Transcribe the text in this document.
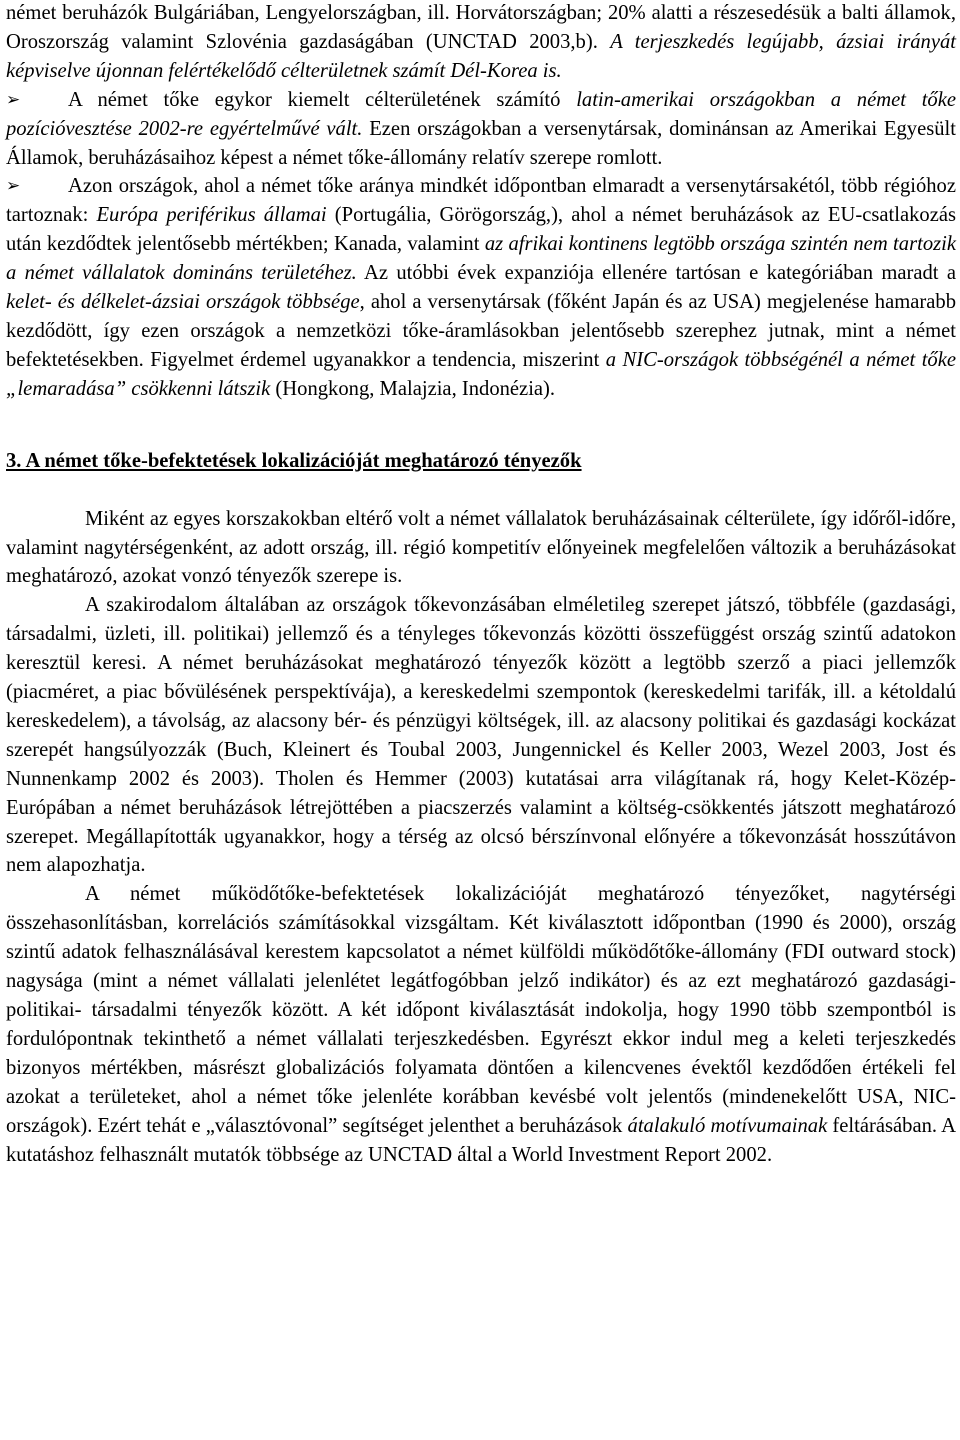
német beruházók Bulgáriában, Lengyelországban, ill. Horvátországban; 20% alatti a részesedésük a balti államok, Oroszország valamint Szlovénia gazdaságában (UNCTAD 2003,b). A terjeszkedés legújabb, ázsiai irányát képviselve újonnan felértékelődő célterületnek számít Dél-Korea is.

➢ A német tőke egykor kiemelt célterületének számító latin-amerikai országokban a német tőke pozícióvesztése 2002-re egyértelművé vált. Ezen országokban a versenytársak, dominánsan az Amerikai Egyesült Államok, beruházásaihoz képest a német tőke-állomány relatív szerepe romlott.

➢ Azon országok, ahol a német tőke aránya mindkét időpontban elmaradt a versenytársakétól, több régióhoz tartoznak: Európa periférikus államai (Portugália, Görögország,), ahol a német beruházások az EU-csatlakozás után kezdődtek jelentősebb mértékben; Kanada, valamint az afrikai kontinens legtöbb országa szintén nem tartozik a német vállalatok domináns területéhez. Az utóbbi évek expanziója ellenére tartósan e kategóriában maradt a kelet- és délkelet-ázsiai országok többsége, ahol a versenytársak (főként Japán és az USA) megjelenése hamarabb kezdődött, így ezen országok a nemzetközi tőke-áramlásokban jelentősebb szerephez jutnak, mint a német befektetésekben. Figyelmet érdemel ugyanakkor a tendencia, miszerint a NIC-országok többségénél a német tőke „lemaradása” csökkenni látszik (Hongkong, Malajzia, Indonézia).

3. A német tőke-befektetések lokalizációját meghatározó tényezők

Miként az egyes korszakokban eltérő volt a német vállalatok beruházásainak célterülete, így időről-időre, valamint nagytérségenként, az adott ország, ill. régió kompetitív előnyeinek megfelelően változik a beruházásokat meghatározó, azokat vonzó tényezők szerepe is.

A szakirodalom általában az országok tőkevonzásában elméletileg szerepet játszó, többféle (gazdasági, társadalmi, üzleti, ill. politikai) jellemző és a tényleges tőkevonzás közötti összefüggést ország szintű adatokon keresztül keresi. A német beruházásokat meghatározó tényezők között a legtöbb szerző a piaci jellemzők (piacméret, a piac bővülésének perspektívája), a kereskedelmi szempontok (kereskedelmi tarifák, ill. a kétoldalú kereskedelem), a távolság, az alacsony bér- és pénzügyi költségek, ill. az alacsony politikai és gazdasági kockázat szerepét hangsúlyozzák (Buch, Kleinert és Toubal 2003, Jungennickel és Keller 2003, Wezel 2003, Jost és Nunnenkamp 2002 és 2003). Tholen és Hemmer (2003) kutatásai arra világítanak rá, hogy Kelet-Közép-Európában a német beruházások létrejöttében a piacszerzés valamint a költség-csökkentés játszott meghatározó szerepet. Megállapították ugyanakkor, hogy a térség az olcsó bérszínvonal előnyére a tőkevonzását hosszútávon nem alapozhatja.

A német működőtőke-befektetések lokalizációját meghatározó tényezőket, nagytérségi összehasonlításban, korrelációs számításokkal vizsgáltam. Két kiválasztott időpontban (1990 és 2000), ország szintű adatok felhasználásával kerestem kapcsolatot a német külföldi működőtőke-állomány (FDI outward stock) nagysága (mint a német vállalati jelenlétet legátfogóbban jelző indikátor) és az ezt meghatározó gazdasági- politikai- társadalmi tényezők között. A két időpont kiválasztását indokolja, hogy 1990 több szempontból is fordulópontnak tekinthető a német vállalati terjeszkedésben. Egyrészt ekkor indul meg a keleti terjeszkedés bizonyos mértékben, másrészt globalizációs folyamata döntően a kilencvenes évektől kezdődően értékeli fel azokat a területeket, ahol a német tőke jelenléte korábban kevésbé volt jelentős (mindenekelőtt USA, NIC-országok). Ezért tehát e „választóvonal” segítséget jelenthet a beruházások átalakuló motívumainak feltárásában. A kutatáshoz felhasznált mutatók többsége az UNCTAD által a World Investment Report 2002.
